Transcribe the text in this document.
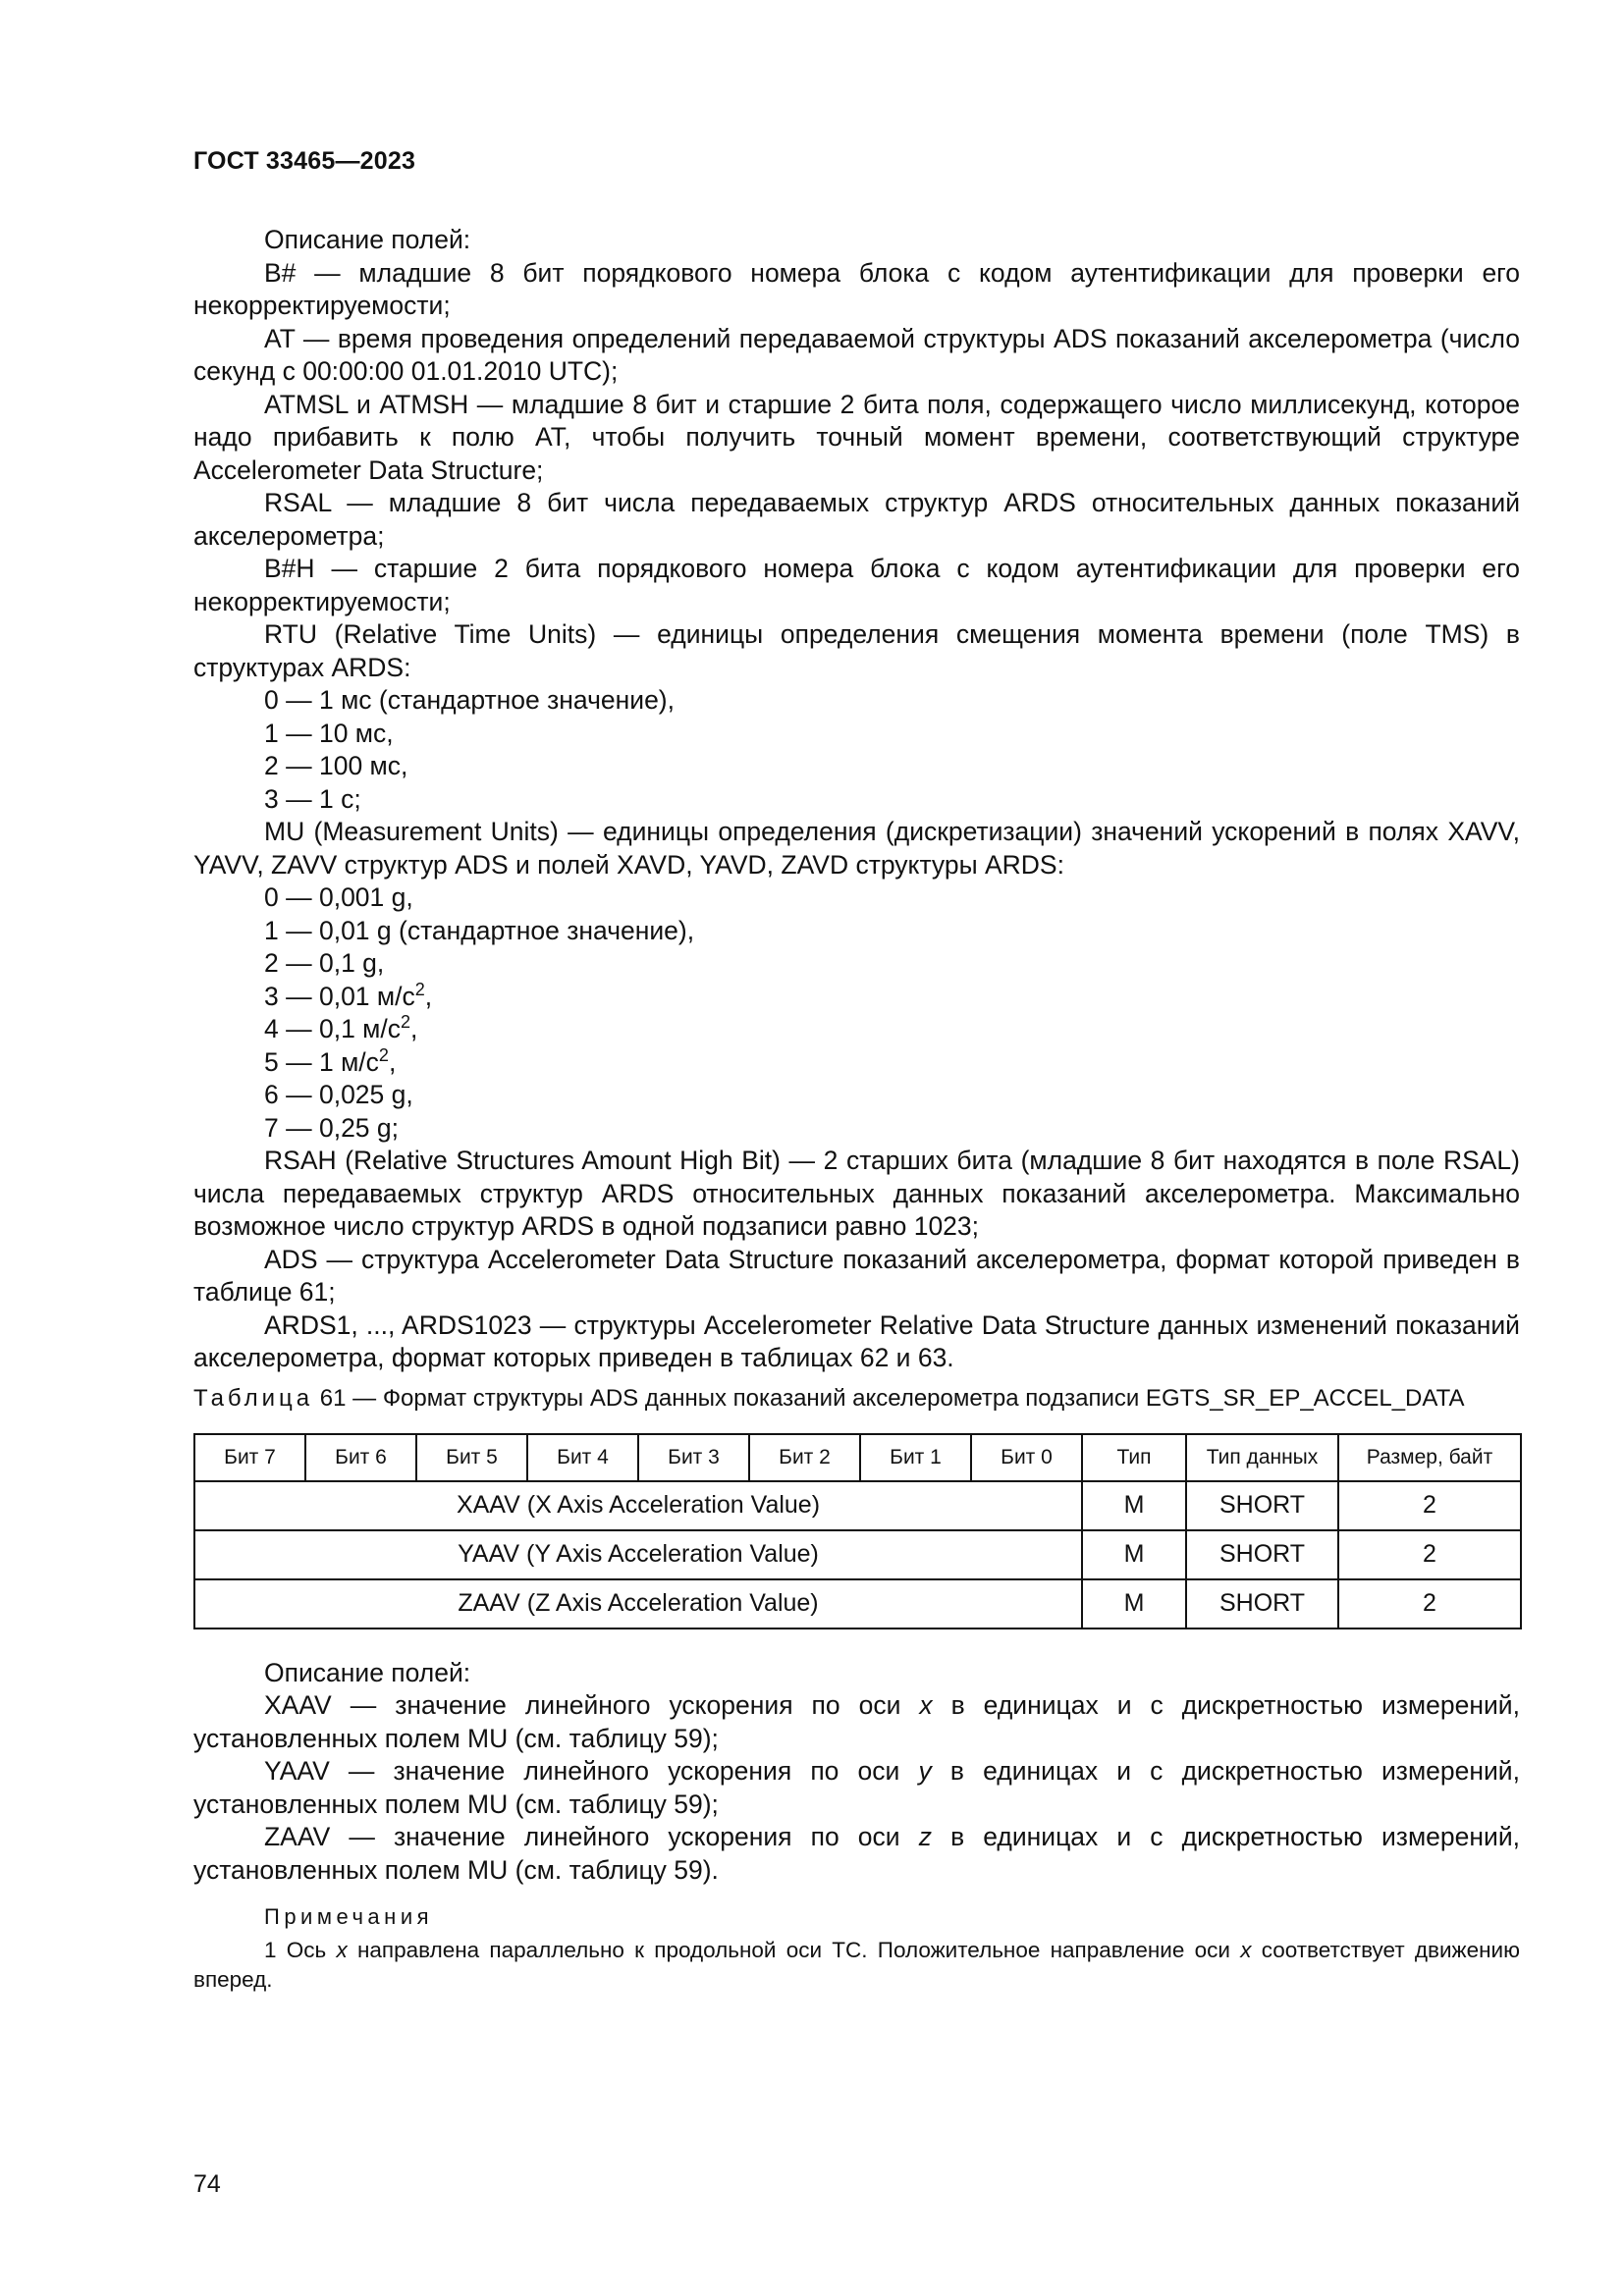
ГОСТ 33465—2023

Описание полей:

B# — младшие 8 бит порядкового номера блока с кодом аутентификации для проверки его некорректируемости;

AT — время проведения определений передаваемой структуры ADS показаний акселерометра (число секунд с 00:00:00 01.01.2010 UTC);

ATMSL и ATMSH — младшие 8 бит и старшие 2 бита поля, содержащего число миллисекунд, которое надо прибавить к полю AT, чтобы получить точный момент времени, соответствующий структуре Accelerometer Data Structure;

RSAL — младшие 8 бит числа передаваемых структур ARDS относительных данных показаний акселерометра;

B#H — старшие 2 бита порядкового номера блока с кодом аутентификации для проверки его некорректируемости;

RTU (Relative Time Units) — единицы определения смещения момента времени (поле TMS) в структурах ARDS:

0 — 1 мс (стандартное значение),

1 — 10 мс,

2 — 100 мс,

3 — 1 с;

MU (Measurement Units) — единицы определения (дискретизации) значений ускорений в полях XAVV, YAVV, ZAVV структур ADS и полей XAVD, YAVD, ZAVD структуры ARDS:

0 — 0,001 g,

1 — 0,01 g (стандартное значение),

2 — 0,1 g,

3 — 0,01 $м/с^2$,

4 — 0,1 $м/с^2$,

5 — 1 $м/с^2$,

6 — 0,025 g,

7 — 0,25 g;

RSAH (Relative Structures Amount High Bit) — 2 старших бита (младшие 8 бит находятся в поле RSAL) числа передаваемых структур ARDS относительных данных показаний акселерометра. Максимально возможное число структур ARDS в одной подзаписи равно 1023;

ADS — структура Accelerometer Data Structure показаний акселерометра, формат которой приведен в таблице 61;

ARDS1, ..., ARDS1023 — структуры Accelerometer Relative Data Structure данных изменений показаний акселерометра, формат которых приведен в таблицах 62 и 63.

Таблица 61 — Формат структуры ADS данных показаний акселерометра подзаписи EGTS_SR_EP_ACCEL_DATA

Бит 7	Бит 6	Бит 5	Бит 4	Бит 3	Бит 2	Бит 1	Бит 0	Тип	Тип данных	Размер, байт
XAAV (X Axis Acceleration Value)								M	SHORT	2
YAAV (Y Axis Acceleration Value)								M	SHORT	2
ZAAV (Z Axis Acceleration Value)								M	SHORT	2

Описание полей:

XAAV — значение линейного ускорения по оси x в единицах и с дискретностью измерений, установленных полем MU (см. таблицу 59);

YAAV — значение линейного ускорения по оси y в единицах и с дискретностью измерений, установленных полем MU (см. таблицу 59);

ZAAV — значение линейного ускорения по оси z в единицах и с дискретностью измерений, установленных полем MU (см. таблицу 59).

Примечания

1 Ось x направлена параллельно к продольной оси ТС. Положительное направление оси x соответствует движению вперед.

74
